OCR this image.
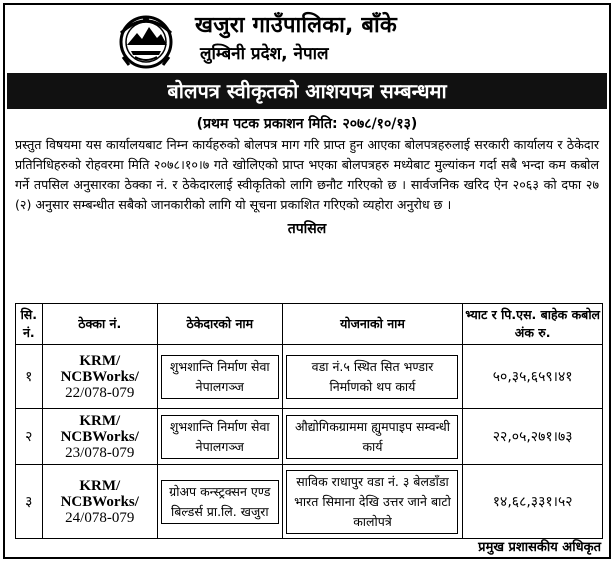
खजुरा गाउँपालिका, बाँके
लुम्बिनी प्रदेश, नेपाल
बोलपत्र स्वीकृतको आशयपत्र सम्बन्धमा
(प्रथम पटक प्रकाशन मिति: २०७८/१०/१३)
प्रस्तुत विषयमा यस कार्यालयबाट निम्न कार्यहरुको बोलपत्र माग गरि प्राप्त हुन आएका बोलपत्रहरुलाई सरकारी कार्यालय र ठेकेदार प्रतिनिधिहरुको रोहवरमा मिति २०७८।१०।७ गते खोलिएको प्राप्त भएका बोलपत्रहरु मध्येबाट मुल्यांकन गर्दा सबै भन्दा कम कबोल गर्ने तपसिल अनुसारका ठेक्का नं. र ठेकेदारलाई स्वीकृतिको लागि छनौट गरिएको छ । सार्वजनिक खरिद ऐन २०६३ को दफा २७ (२) अनुसार सम्बन्धीत सबैको जानकारीको लागि यो सूचना प्रकाशित गरिएको व्यहोरा अनुरोध छ ।
तपसिल
सि. नं.	ठेक्का नं.	ठेकेदारको नाम	योजनाको नाम	भ्याट र पि.एस. बाहेक कबोल अंक रु.
१	KRM/
NCBWorks/
22/078-079	शुभशान्ति निर्माण सेवा नेपालगञ्ज	वडा नं.५ स्थित सित भण्डार निर्माणको थप कार्य	५०,३५,६५९।४१
२	KRM/
NCBWorks/
23/078-079	शुभशान्ति निर्माण सेवा नेपालगञ्ज	औद्योगिकग्राममा ह्युमपाइप सम्वन्धी कार्य	२२,०५,२७१।७३
३	KRM/
NCBWorks/
24/078-079	ग्रोअप कन्स्ट्रक्सन एण्ड बिल्डर्स प्रा.लि. खजुरा	साविक राधापुर वडा नं. ३ बेलडाँडा भारत सिमाना देखि उत्तर जाने बाटो कालोपत्रे	१४,६८,३३१।५२
प्रमुख प्रशासकीय अधिकृत
